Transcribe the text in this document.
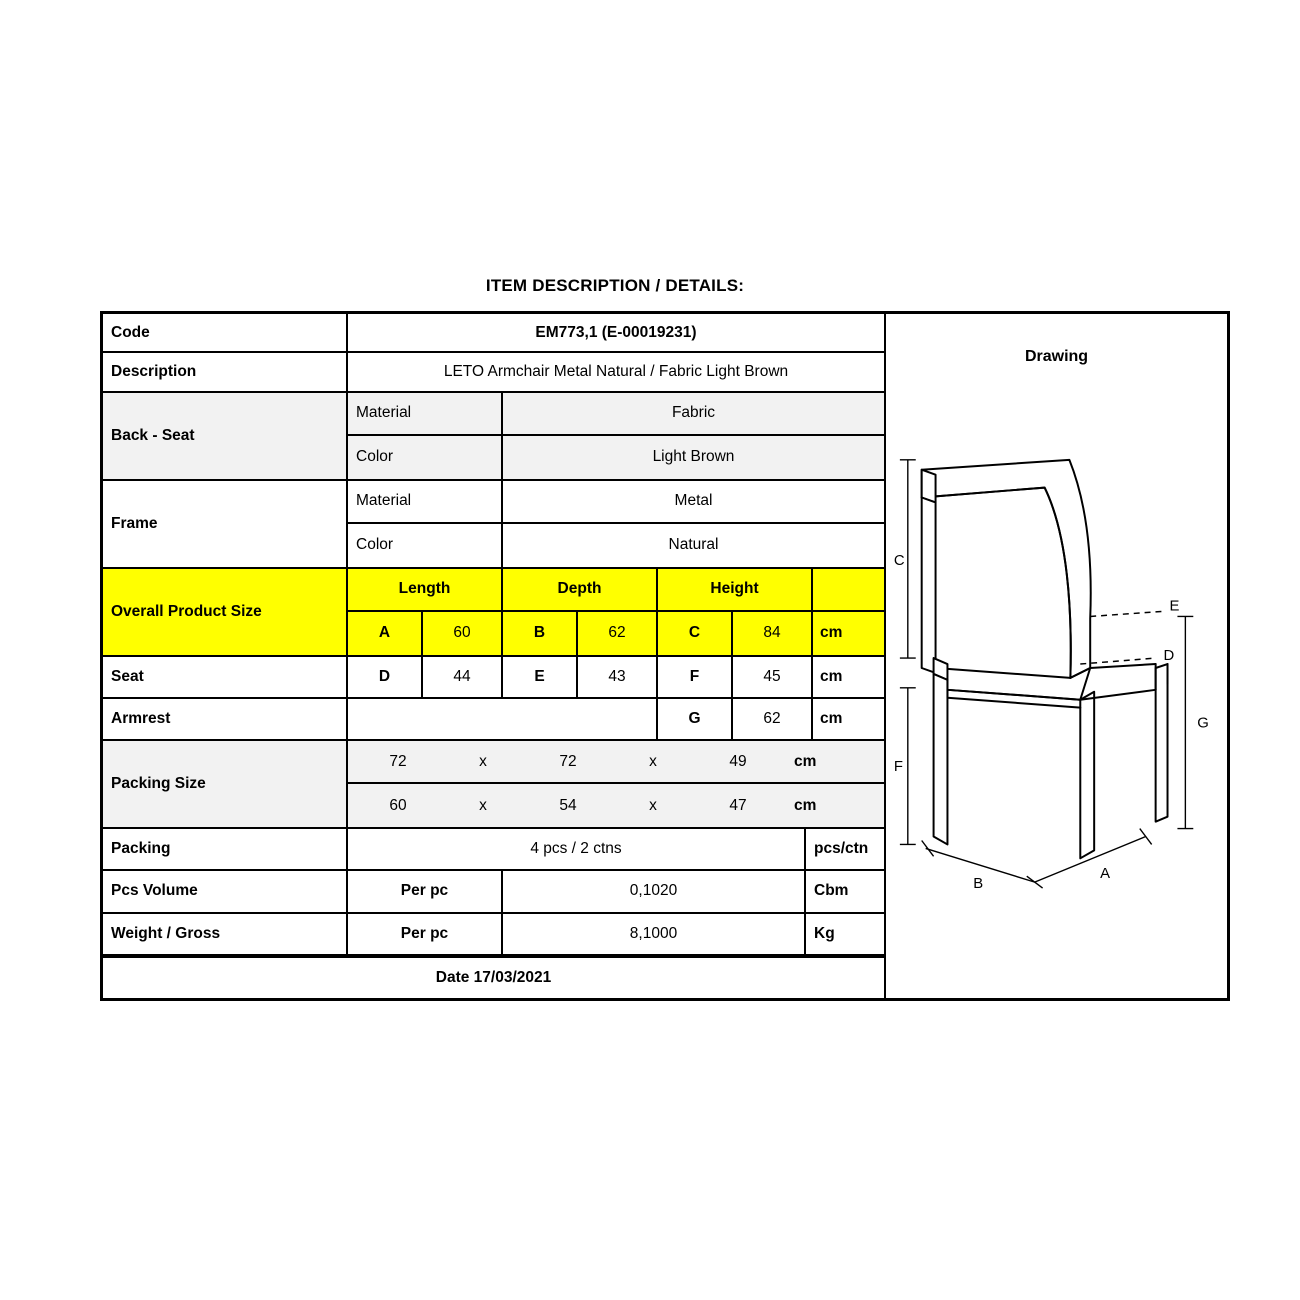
ITEM DESCRIPTION / DETAILS:
Code	EM773,1 (E-00019231)
Description	LETO Armchair Metal Natural / Fabric Light Brown
Back - Seat
Material	Fabric
Color	Light Brown
Frame
Material	Metal
Color	Natural
Overall Product Size
Length	Depth	Height
A	60	B	62	C	84	cm
Seat	D	44	E	43	F	45	cm
Armrest	G	62	cm
Packing Size
72	x	72	x	49	cm
60	x	54	x	47	cm
Packing	4 pcs / 2 ctns	pcs/ctn
Pcs Volume	Per pc	0,1020	Cbm
Weight / Gross	Per pc	8,1000	Kg
Date 17/03/2021
Drawing
C
F
G
E
D
B
A
